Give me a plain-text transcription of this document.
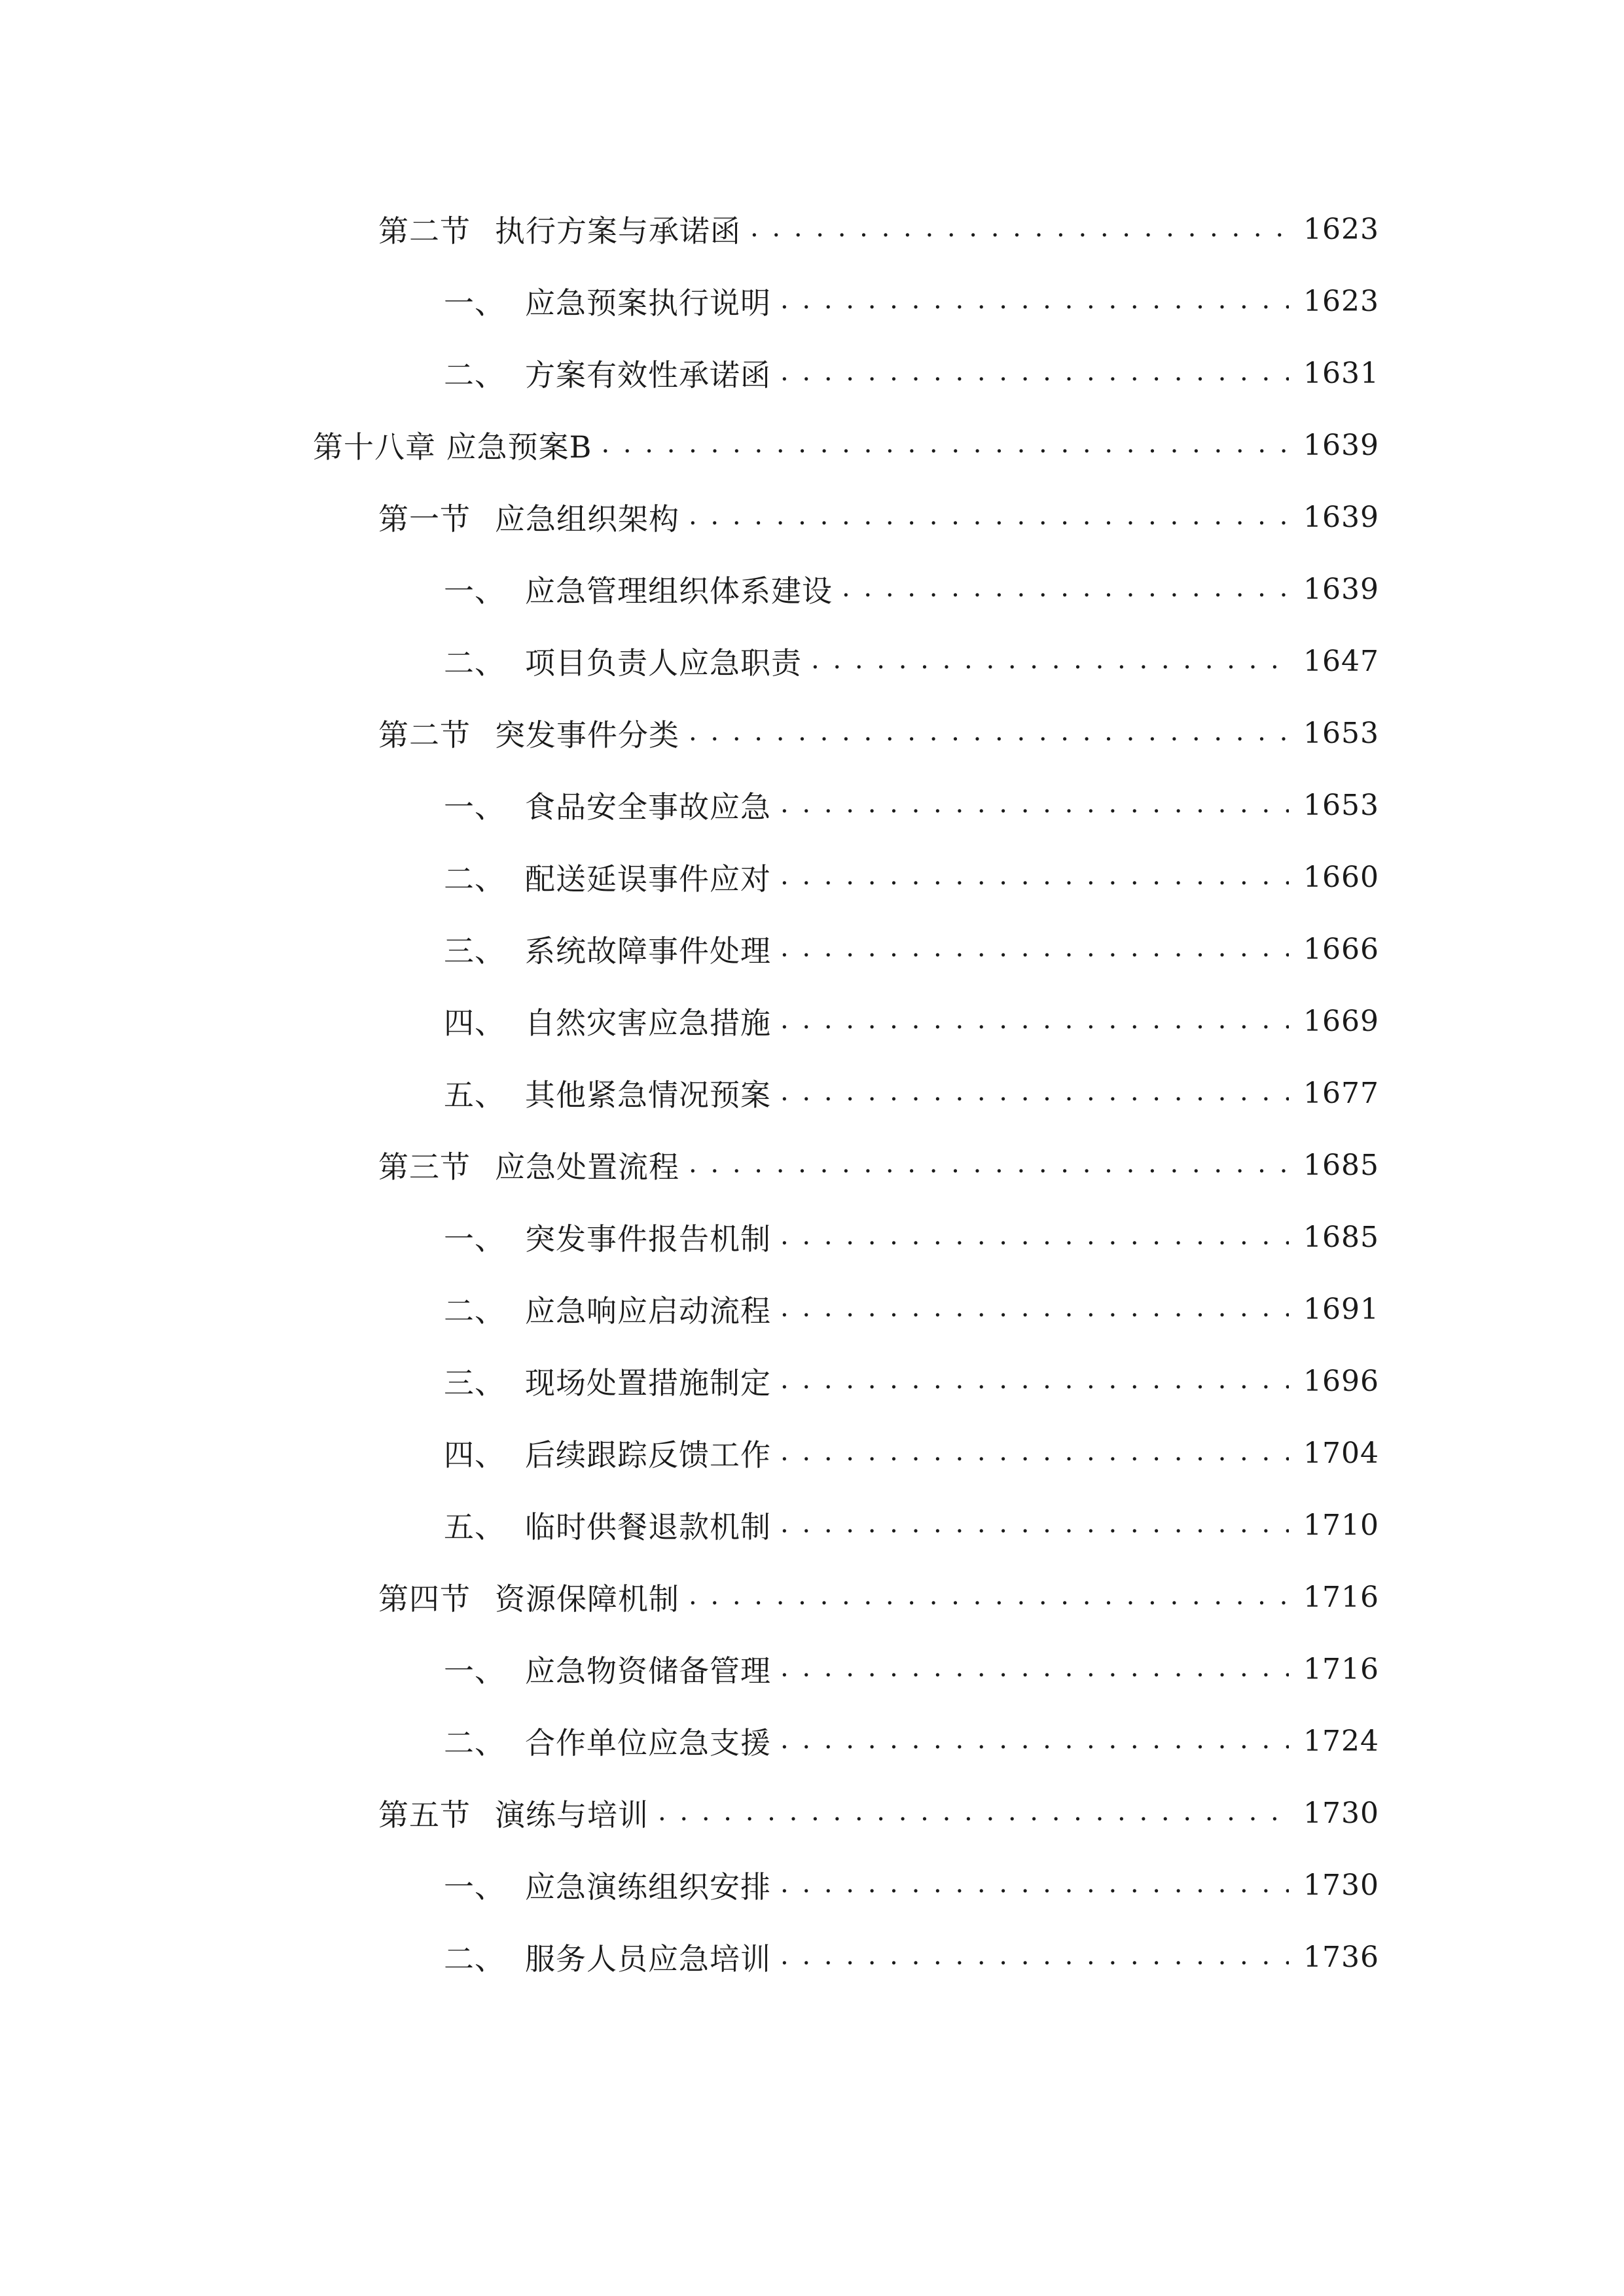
第二节 执行方案与承诺函 . . .	1623
一、 应急预案执行说明 . . .	1623
二、 方案有效性承诺函 . . .	1631
第十八章 应急预案B . . .	1639
第一节 应急组织架构 . . .	1639
一、 应急管理组织体系建设 . . .	1639
二、 项目负责人应急职责 . . .	1647
第二节 突发事件分类 . . .	1653
一、 食品安全事故应急 . . .	1653
二、 配送延误事件应对 . . .	1660
三、 系统故障事件处理 . . .	1666
四、 自然灾害应急措施 . . .	1669
五、 其他紧急情况预案 . . .	1677
第三节 应急处置流程 . . .	1685
一、 突发事件报告机制 . . .	1685
二、 应急响应启动流程 . . .	1691
三、 现场处置措施制定 . . .	1696
四、 后续跟踪反馈工作 . . .	1704
五、 临时供餐退款机制 . . .	1710
第四节 资源保障机制 . . .	1716
一、 应急物资储备管理 . . .	1716
二、 合作单位应急支援 . . .	1724
第五节 演练与培训 . . .	1730
一、 应急演练组织安排 . . .	1730
二、 服务人员应急培训 . . .	1736
